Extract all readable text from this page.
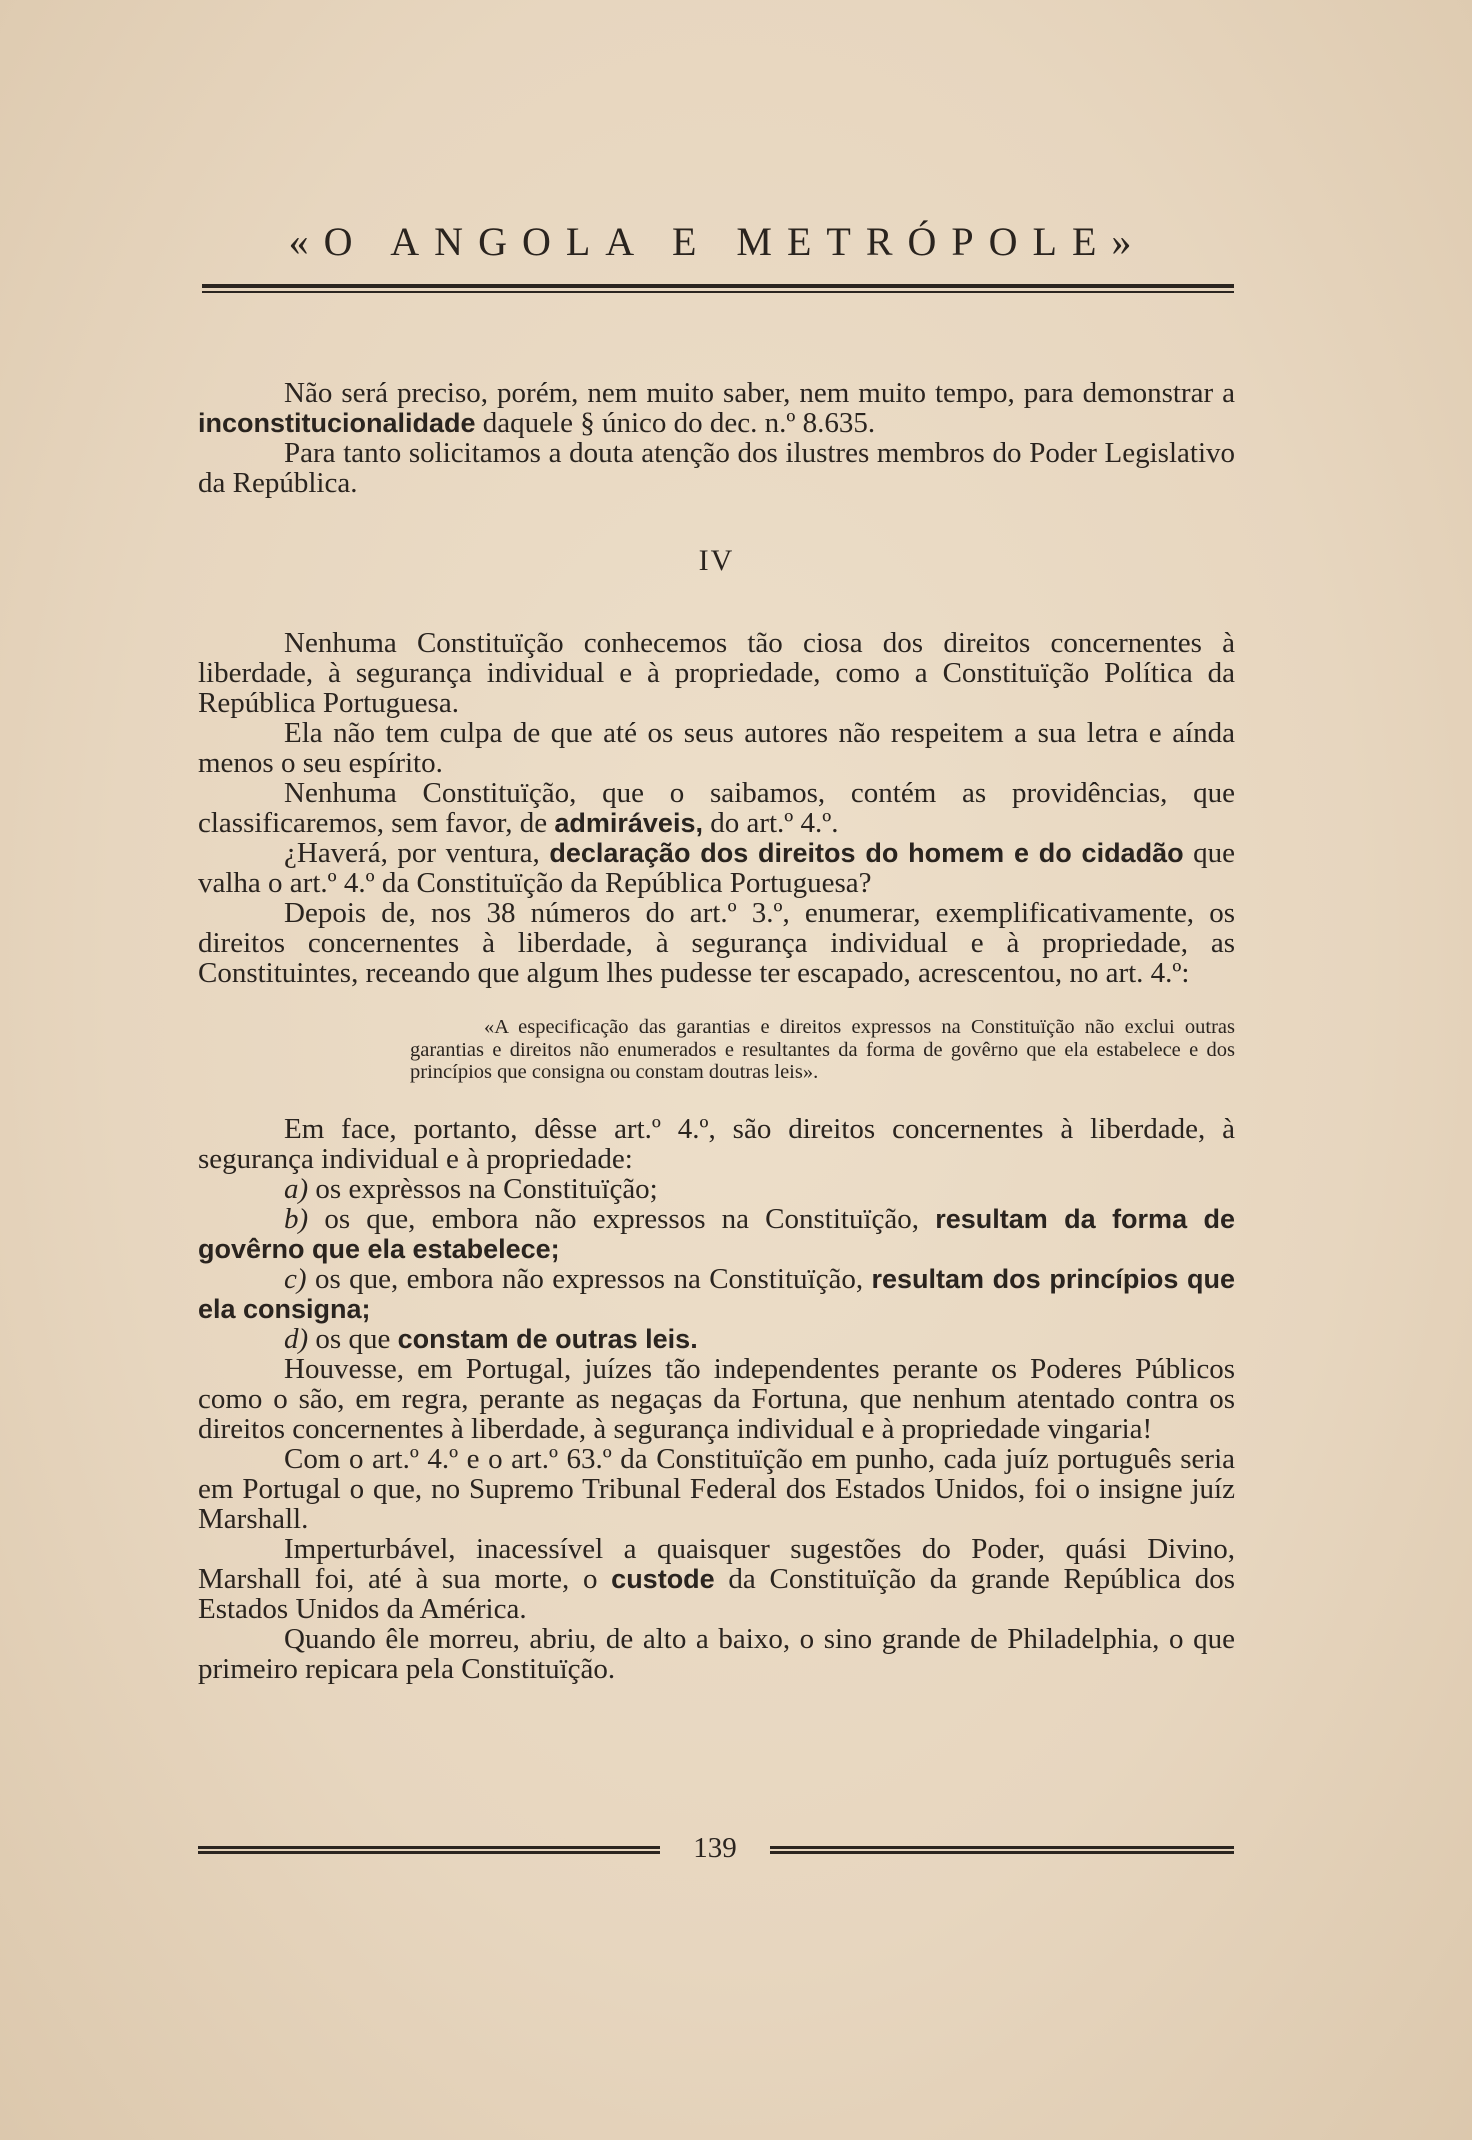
«O ANGOLA E METRÓPOLE»

Não será preciso, porém, nem muito saber, nem muito tempo, para demonstrar a inconstitucionalidade daquele § único do dec. n.º 8.635.

Para tanto solicitamos a douta atenção dos ilustres membros do Poder Legislativo da República.

IV

Nenhuma Constituïção conhecemos tão ciosa dos direitos concernentes à liberdade, à segurança individual e à propriedade, como a Constituïção Política da República Portuguesa.

Ela não tem culpa de que até os seus autores não respeitem a sua letra e aínda menos o seu espírito.

Nenhuma Constituïção, que o saibamos, contém as providências, que classificaremos, sem favor, de admiráveis, do art.º 4.º.

¿Haverá, por ventura, declaração dos direitos do homem e do cidadão que valha o art.º 4.º da Constituïção da República Portuguesa?

Depois de, nos 38 números do art.º 3.º, enumerar, exemplificativamente, os direitos concernentes à liberdade, à segurança individual e à propriedade, as Constituintes, receando que algum lhes pudesse ter escapado, acrescentou, no art. 4.º:

«A especificação das garantias e direitos expressos na Constituïção não exclui outras garantias e direitos não enumerados e resultantes da forma de govêrno que ela estabelece e dos princípios que consigna ou constam doutras leis».

Em face, portanto, dêsse art.º 4.º, são direitos concernentes à liberdade, à segurança individual e à propriedade:

a) os exprèssos na Constituïção;

b) os que, embora não expressos na Constituïção, resultam da forma de govêrno que ela estabelece;

c) os que, embora não expressos na Constituïção, resultam dos princípios que ela consigna;

d) os que constam de outras leis.

Houvesse, em Portugal, juízes tão independentes perante os Poderes Públicos como o são, em regra, perante as negaças da Fortuna, que nenhum atentado contra os direitos concernentes à liberdade, à segurança individual e à propriedade vingaria!

Com o art.º 4.º e o art.º 63.º da Constituïção em punho, cada juíz português seria em Portugal o que, no Supremo Tribunal Federal dos Estados Unidos, foi o insigne juíz Marshall.

Imperturbável, inacessível a quaisquer sugestões do Poder, quási Divino, Marshall foi, até à sua morte, o custode da Constituïção da grande República dos Estados Unidos da América.

Quando êle morreu, abriu, de alto a baixo, o sino grande de Philadelphia, o que primeiro repicara pela Constituïção.

139
